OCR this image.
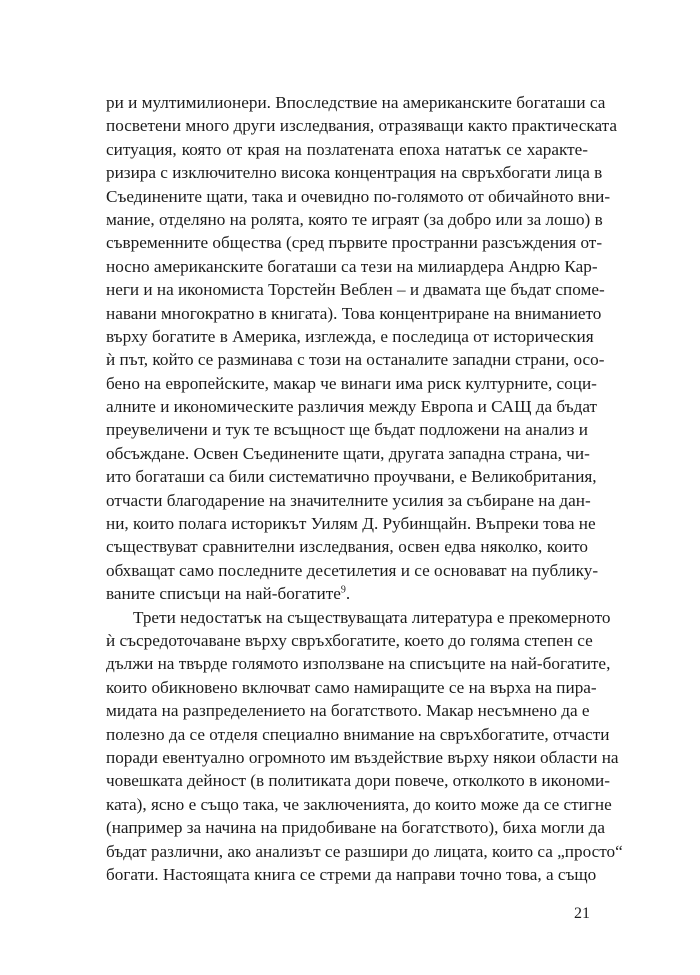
ри и мултимилионери. Впоследствие на американските богаташи са
посветени много други изследвания, отразяващи както практическата
ситуация, която от края на позлатената епоха нататък се характе-
ризира с изключително висока концентрация на свръхбогати лица в
Съединените щати, така и очевидно по-голямото от обичайното вни-
мание, отделяно на ролята, която те играят (за добро или за лошо) в
съвременните общества (сред първите пространни разсъждения от-
носно американските богаташи са тези на милиардера Андрю Кар-
неги и на икономиста Торстейн Веблен – и двамата ще бъдат споме-
навани многократно в книгата). Това концентриране на вниманието
върху богатите в Америка, изглежда, е последица от историческия
ѝ път, който се разминава с този на останалите западни страни, осо-
бено на европейските, макар че винаги има риск културните, соци-
алните и икономическите различия между Европа и САЩ да бъдат
преувеличени и тук те всъщност ще бъдат подложени на анализ и
обсъждане. Освен Съединените щати, другата западна страна, чи-
ито богаташи са били систематично проучвани, е Великобритания,
отчасти благодарение на значителните усилия за събиране на дан-
ни, които полага историкът Уилям Д. Рубинщайн. Въпреки това не
съществуват сравнителни изследвания, освен едва няколко, които
обхващат само последните десетилетия и се основават на публику-
ваните списъци на най-богатите$^9$.
Трети недостатък на съществуващата литература е прекомерното
ѝ съсредоточаване върху свръхбогатите, което до голяма степен се
дължи на твърде голямото използване на списъците на най-богатите,
които обикновено включват само намиращите се на върха на пира-
мидата на разпределението на богатството. Макар несъмнено да е
полезно да се отделя специално внимание на свръхбогатите, отчасти
поради евентуално огромното им въздействие върху някои области на
човешката дейност (в политиката дори повече, отколкото в икономи-
ката), ясно е също така, че заключенията, до които може да се стигне
(например за начина на придобиване на богатството), биха могли да
бъдат различни, ако анализът се разшири до лицата, които са „просто“
богати. Настоящата книга се стреми да направи точно това, а също
21
